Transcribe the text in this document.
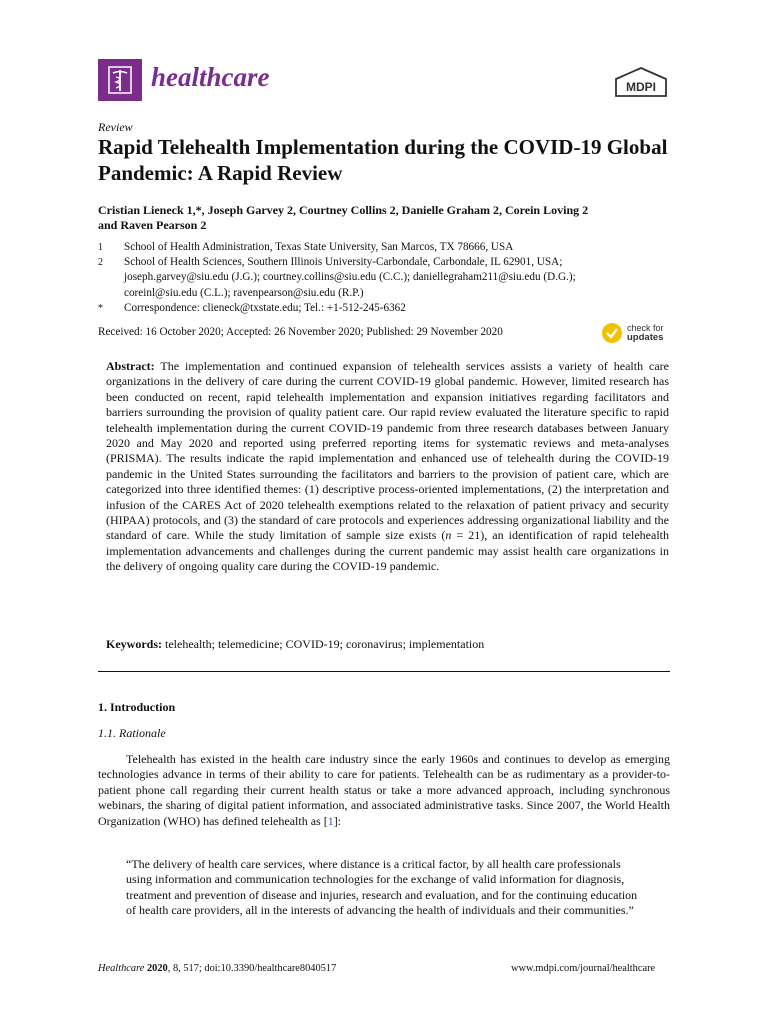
healthcare	MDPI
Review
Rapid Telehealth Implementation during the COVID-19 Global Pandemic: A Rapid Review
Cristian Lieneck 1,*, Joseph Garvey 2, Courtney Collins 2, Danielle Graham 2, Corein Loving 2
and Raven Pearson 2
1	School of Health Administration, Texas State University, San Marcos, TX 78666, USA
2	School of Health Sciences, Southern Illinois University-Carbondale, Carbondale, IL 62901, USA;
joseph.garvey@siu.edu (J.G.); courtney.collins@siu.edu (C.C.); daniellegraham211@siu.edu (D.G.);
coreinl@siu.edu (C.L.); ravenpearson@siu.edu (R.P.)
*	Correspondence: clieneck@txstate.edu; Tel.: +1-512-245-6362
Received: 16 October 2020; Accepted: 26 November 2020; Published: 29 November 2020	check for
updates
Abstract: The implementation and continued expansion of telehealth services assists a variety of health care organizations in the delivery of care during the current COVID-19 global pandemic. However, limited research has been conducted on recent, rapid telehealth implementation and expansion initiatives regarding facilitators and barriers surrounding the provision of quality patient care. Our rapid review evaluated the literature specific to rapid telehealth implementation during the current COVID-19 pandemic from three research databases between January 2020 and May 2020 and reported using preferred reporting items for systematic reviews and meta-analyses (PRISMA). The results indicate the rapid implementation and enhanced use of telehealth during the COVID-19 pandemic in the United States surrounding the facilitators and barriers to the provision of patient care, which are categorized into three identified themes: (1) descriptive process-oriented implementations, (2) the interpretation and infusion of the CARES Act of 2020 telehealth exemptions related to the relaxation of patient privacy and security (HIPAA) protocols, and (3) the standard of care protocols and experiences addressing organizational liability and the standard of care. While the study limitation of sample size exists (n = 21), an identification of rapid telehealth implementation advancements and challenges during the current pandemic may assist health care organizations in the delivery of ongoing quality care during the COVID-19 pandemic.
Keywords: telehealth; telemedicine; COVID-19; coronavirus; implementation
1. Introduction
1.1. Rationale
Telehealth has existed in the health care industry since the early 1960s and continues to develop as emerging technologies advance in terms of their ability to care for patients. Telehealth can be as rudimentary as a provider-to-patient phone call regarding their current health status or take a more advanced approach, including synchronous webinars, the sharing of digital patient information, and associated administrative tasks. Since 2007, the World Health Organization (WHO) has defined telehealth as [1]:
“The delivery of health care services, where distance is a critical factor, by all health care professionals using information and communication technologies for the exchange of valid information for diagnosis, treatment and prevention of disease and injuries, research and evaluation, and for the continuing education of health care providers, all in the interests of advancing the health of individuals and their communities.”
Healthcare 2020, 8, 517; doi:10.3390/healthcare8040517	www.mdpi.com/journal/healthcare
